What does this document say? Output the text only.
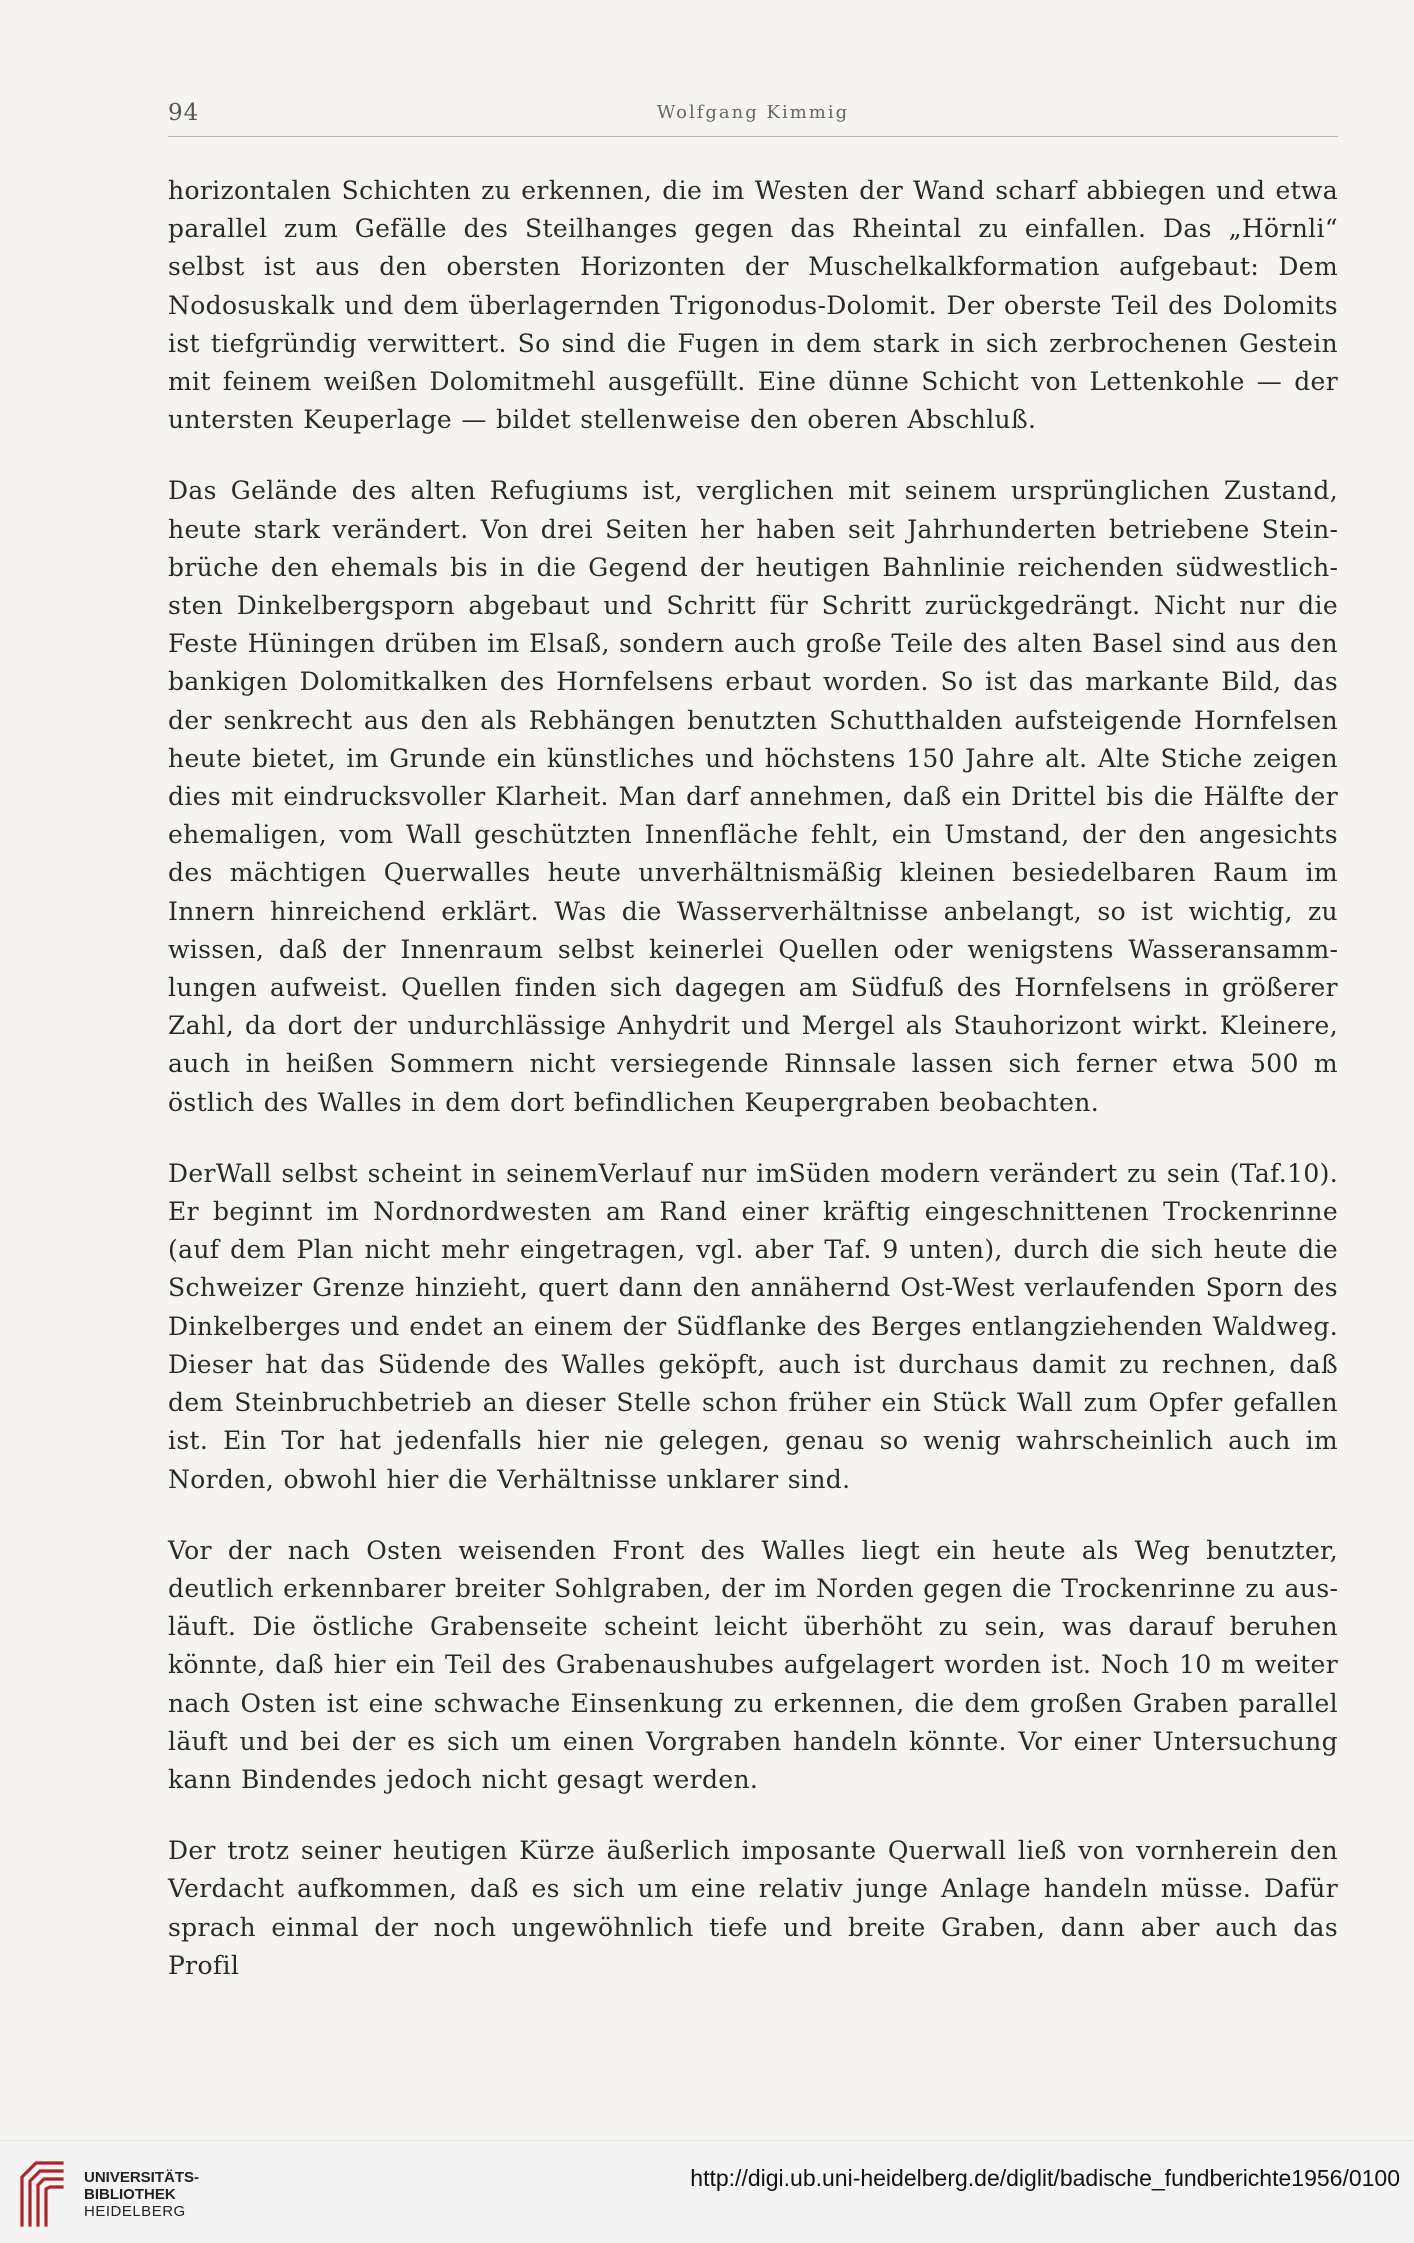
94	Wolfgang Kimmig

horizontalen Schichten zu erkennen, die im Westen der Wand scharf abbiegen und etwa parallel zum Gefälle des Steilhanges gegen das Rheintal zu einfallen. Das „Hörnli“ selbst ist aus den obersten Horizonten der Muschelkalkformation aufgebaut: Dem Nodosuskalk und dem überlagernden Trigonodus-Dolomit. Der oberste Teil des Dolomits ist tiefgründig verwittert. So sind die Fugen in dem stark in sich zerbrochenen Gestein mit feinem weißen Dolomitmehl ausgefüllt. Eine dünne Schicht von Lettenkohle — der untersten Keuperlage — bildet stellenweise den oberen Abschluß.

Das Gelände des alten Refugiums ist, verglichen mit seinem ursprünglichen Zustand, heute stark verändert. Von drei Seiten her haben seit Jahrhunderten betriebene Steinbrüche den ehemals bis in die Gegend der heutigen Bahnlinie reichenden südwestlichsten Dinkelbergsporn abgebaut und Schritt für Schritt zurückgedrängt. Nicht nur die Feste Hüningen drüben im Elsaß, sondern auch große Teile des alten Basel sind aus den bankigen Dolomitkalken des Hornfelsens erbaut worden. So ist das markante Bild, das der senkrecht aus den als Rebhängen benutzten Schutthalden aufsteigende Hornfelsen heute bietet, im Grunde ein künstliches und höchstens 150 Jahre alt. Alte Stiche zeigen dies mit eindrucksvoller Klarheit. Man darf annehmen, daß ein Drittel bis die Hälfte der ehemaligen, vom Wall geschützten Innenfläche fehlt, ein Umstand, der den angesichts des mächtigen Querwalles heute unverhältnismäßig kleinen besiedelbaren Raum im Innern hinreichend erklärt. Was die Wasserverhältnisse anbelangt, so ist wichtig, zu wissen, daß der Innenraum selbst keinerlei Quellen oder wenigstens Wasseransammlungen aufweist. Quellen finden sich dagegen am Südfuß des Hornfelsens in größerer Zahl, da dort der undurchlässige Anhydrit und Mergel als Stauhorizont wirkt. Kleinere, auch in heißen Sommern nicht versiegende Rinnsale lassen sich ferner etwa 500 m östlich des Walles in dem dort befindlichen Keupergraben beobachten.

DerWall selbst scheint in seinemVerlauf nur imSüden modern verändert zu sein (Taf.10). Er beginnt im Nordnordwesten am Rand einer kräftig eingeschnittenen Trockenrinne (auf dem Plan nicht mehr eingetragen, vgl. aber Taf. 9 unten), durch die sich heute die Schweizer Grenze hinzieht, quert dann den annähernd Ost-West verlaufenden Sporn des Dinkelberges und endet an einem der Südflanke des Berges entlangziehenden Waldweg. Dieser hat das Südende des Walles geköpft, auch ist durchaus damit zu rechnen, daß dem Steinbruchbetrieb an dieser Stelle schon früher ein Stück Wall zum Opfer gefallen ist. Ein Tor hat jedenfalls hier nie gelegen, genau so wenig wahrscheinlich auch im Norden, obwohl hier die Verhältnisse unklarer sind.

Vor der nach Osten weisenden Front des Walles liegt ein heute als Weg benutzter, deutlich erkennbarer breiter Sohlgraben, der im Norden gegen die Trockenrinne zu ausläuft. Die östliche Grabenseite scheint leicht überhöht zu sein, was darauf beruhen könnte, daß hier ein Teil des Grabenaushubes aufgelagert worden ist. Noch 10 m weiter nach Osten ist eine schwache Einsenkung zu erkennen, die dem großen Graben parallel läuft und bei der es sich um einen Vorgraben handeln könnte. Vor einer Untersuchung kann Bindendes jedoch nicht gesagt werden.

Der trotz seiner heutigen Kürze äußerlich imposante Querwall ließ von vornherein den Verdacht aufkommen, daß es sich um eine relativ junge Anlage handeln müsse. Dafür sprach einmal der noch ungewöhnlich tiefe und breite Graben, dann aber auch das Profil

UNIVERSITÄTS-
BIBLIOTHEK
HEIDELBERG
http://digi.ub.uni-heidelberg.de/diglit/badische_fundberichte1956/0100
